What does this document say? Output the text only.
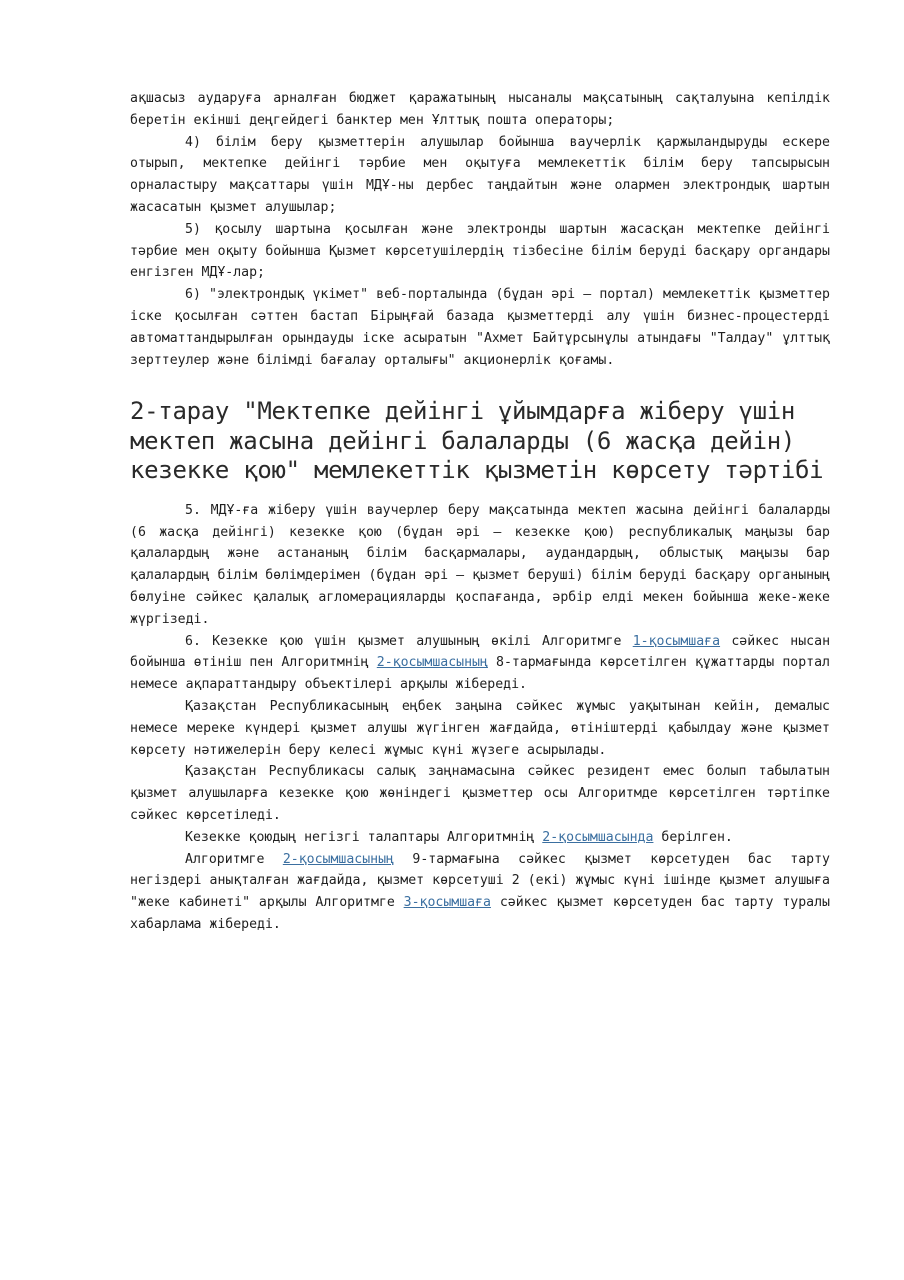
ақшасыз аударуға арналған бюджет қаражатының нысаналы мақсатының сақталуына кепілдік беретін екінші деңгейдегі банктер мен Ұлттық пошта операторы;

4) білім беру қызметтерін алушылар бойынша ваучерлік қаржыландыруды ескере отырып, мектепке дейінгі тәрбие мен оқытуға мемлекеттік білім беру тапсырысын орналастыру мақсаттары үшін МДҰ-ны дербес таңдайтын және олармен электрондық шартын жасасатын қызмет алушылар;

5) қосылу шартына қосылған және электронды шартын жасасқан мектепке дейінгі тәрбие мен оқыту бойынша Қызмет көрсетушілердің тізбесіне білім беруді басқару органдары енгізген МДҰ-лар;

6) "электрондық үкімет" веб-порталында (бұдан әрі – портал) мемлекеттік қызметтер іске қосылған сәттен бастап Бірыңғай базада қызметтерді алу үшін бизнес-процестерді автоматтандырылған орындауды іске асыратын "Ахмет Байтұрсынұлы атындағы "Талдау" ұлттық зерттеулер және білімді бағалау орталығы" акционерлік қоғамы.

2-тарау "Мектепке дейінгі ұйымдарға жіберу үшін мектеп жасына дейінгі балаларды (6 жасқа дейін) кезекке қою" мемлекеттік қызметін көрсету тәртібі

5. МДҰ-ға жіберу үшін ваучерлер беру мақсатында мектеп жасына дейінгі балаларды (6 жасқа дейінгі) кезекке қою (бұдан әрі – кезекке қою) республикалық маңызы бар қалалардың және астананың білім басқармалары, аудандардың, облыстық маңызы бар қалалардың білім бөлімдерімен (бұдан әрі – қызмет беруші) білім беруді басқару органының бөлуіне сәйкес қалалық агломерацияларды қоспағанда, әрбір елді мекен бойынша жеке-жеке жүргізеді.

6. Кезекке қою үшін қызмет алушының өкілі Алгоритмге 1-қосымшаға сәйкес нысан бойынша өтініш пен Алгоритмнің 2-қосымшасының 8-тармағында көрсетілген құжаттарды портал немесе ақпараттандыру объектілері арқылы жібереді.

Қазақстан Республикасының еңбек заңына сәйкес жұмыс уақытынан кейін, демалыс немесе мереке күндері қызмет алушы жүгінген жағдайда, өтініштерді қабылдау және қызмет көрсету нәтижелерін беру келесі жұмыс күні жүзеге асырылады.

Қазақстан Республикасы салық заңнамасына сәйкес резидент емес болып табылатын қызмет алушыларға кезекке қою жөніндегі қызметтер осы Алгоритмде көрсетілген тәртіпке сәйкес көрсетіледі.

Кезекке қоюдың негізгі талаптары Алгоритмнің 2-қосымшасында берілген.

Алгоритмге 2-қосымшасының 9-тармағына сәйкес қызмет көрсетуден бас тарту негіздері анықталған жағдайда, қызмет көрсетуші 2 (екі) жұмыс күні ішінде қызмет алушыға "жеке кабинеті" арқылы Алгоритмге 3-қосымшаға сәйкес қызмет көрсетуден бас тарту туралы хабарлама жібереді.
